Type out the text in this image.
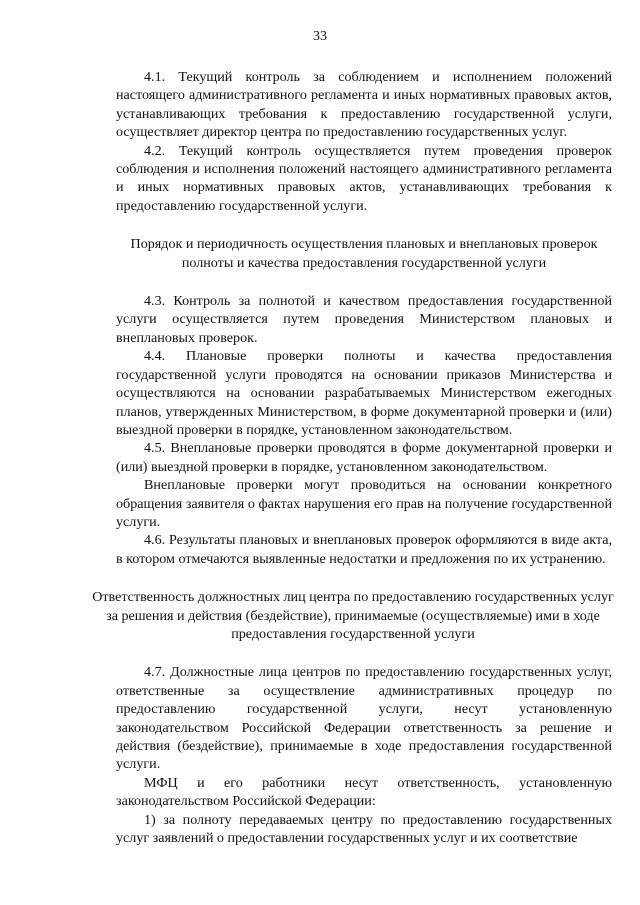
33

4.1. Текущий контроль за соблюдением и исполнением положений настоящего административного регламента и иных нормативных правовых актов, устанавливающих требования к предоставлению государственной услуги, осуществляет директор центра по предоставлению государственных услуг.

4.2. Текущий контроль осуществляется путем проведения проверок соблюдения и исполнения положений настоящего административного регламента и иных нормативных правовых актов, устанавливающих требования к предоставлению государственной услуги.

Порядок и периодичность осуществления плановых и внеплановых проверок полноты и качества предоставления государственной услуги

4.3. Контроль за полнотой и качеством предоставления государственной услуги осуществляется путем проведения Министерством плановых и внеплановых проверок.

4.4. Плановые проверки полноты и качества предоставления государственной услуги проводятся на основании приказов Министерства и осуществляются на основании разрабатываемых Министерством ежегодных планов, утвержденных Министерством, в форме документарной проверки и (или) выездной проверки в порядке, установленном законодательством.

4.5. Внеплановые проверки проводятся в форме документарной проверки и (или) выездной проверки в порядке, установленном законодательством.

Внеплановые проверки могут проводиться на основании конкретного обращения заявителя о фактах нарушения его прав на получение государственной услуги.

4.6. Результаты плановых и внеплановых проверок оформляются в виде акта, в котором отмечаются выявленные недостатки и предложения по их устранению.

Ответственность должностных лиц центра по предоставлению государственных услуг за решения и действия (бездействие), принимаемые (осуществляемые) ими в ходе предоставления государственной услуги

4.7. Должностные лица центров по предоставлению государственных услуг, ответственные за осуществление административных процедур по предоставлению государственной услуги, несут установленную законодательством Российской Федерации ответственность за решение и действия (бездействие), принимаемые в ходе предоставления государственной услуги.

МФЦ и его работники несут ответственность, установленную законодательством Российской Федерации:

1) за полноту передаваемых центру по предоставлению государственных услуг заявлений о предоставлении государственных услуг и их соответствие
